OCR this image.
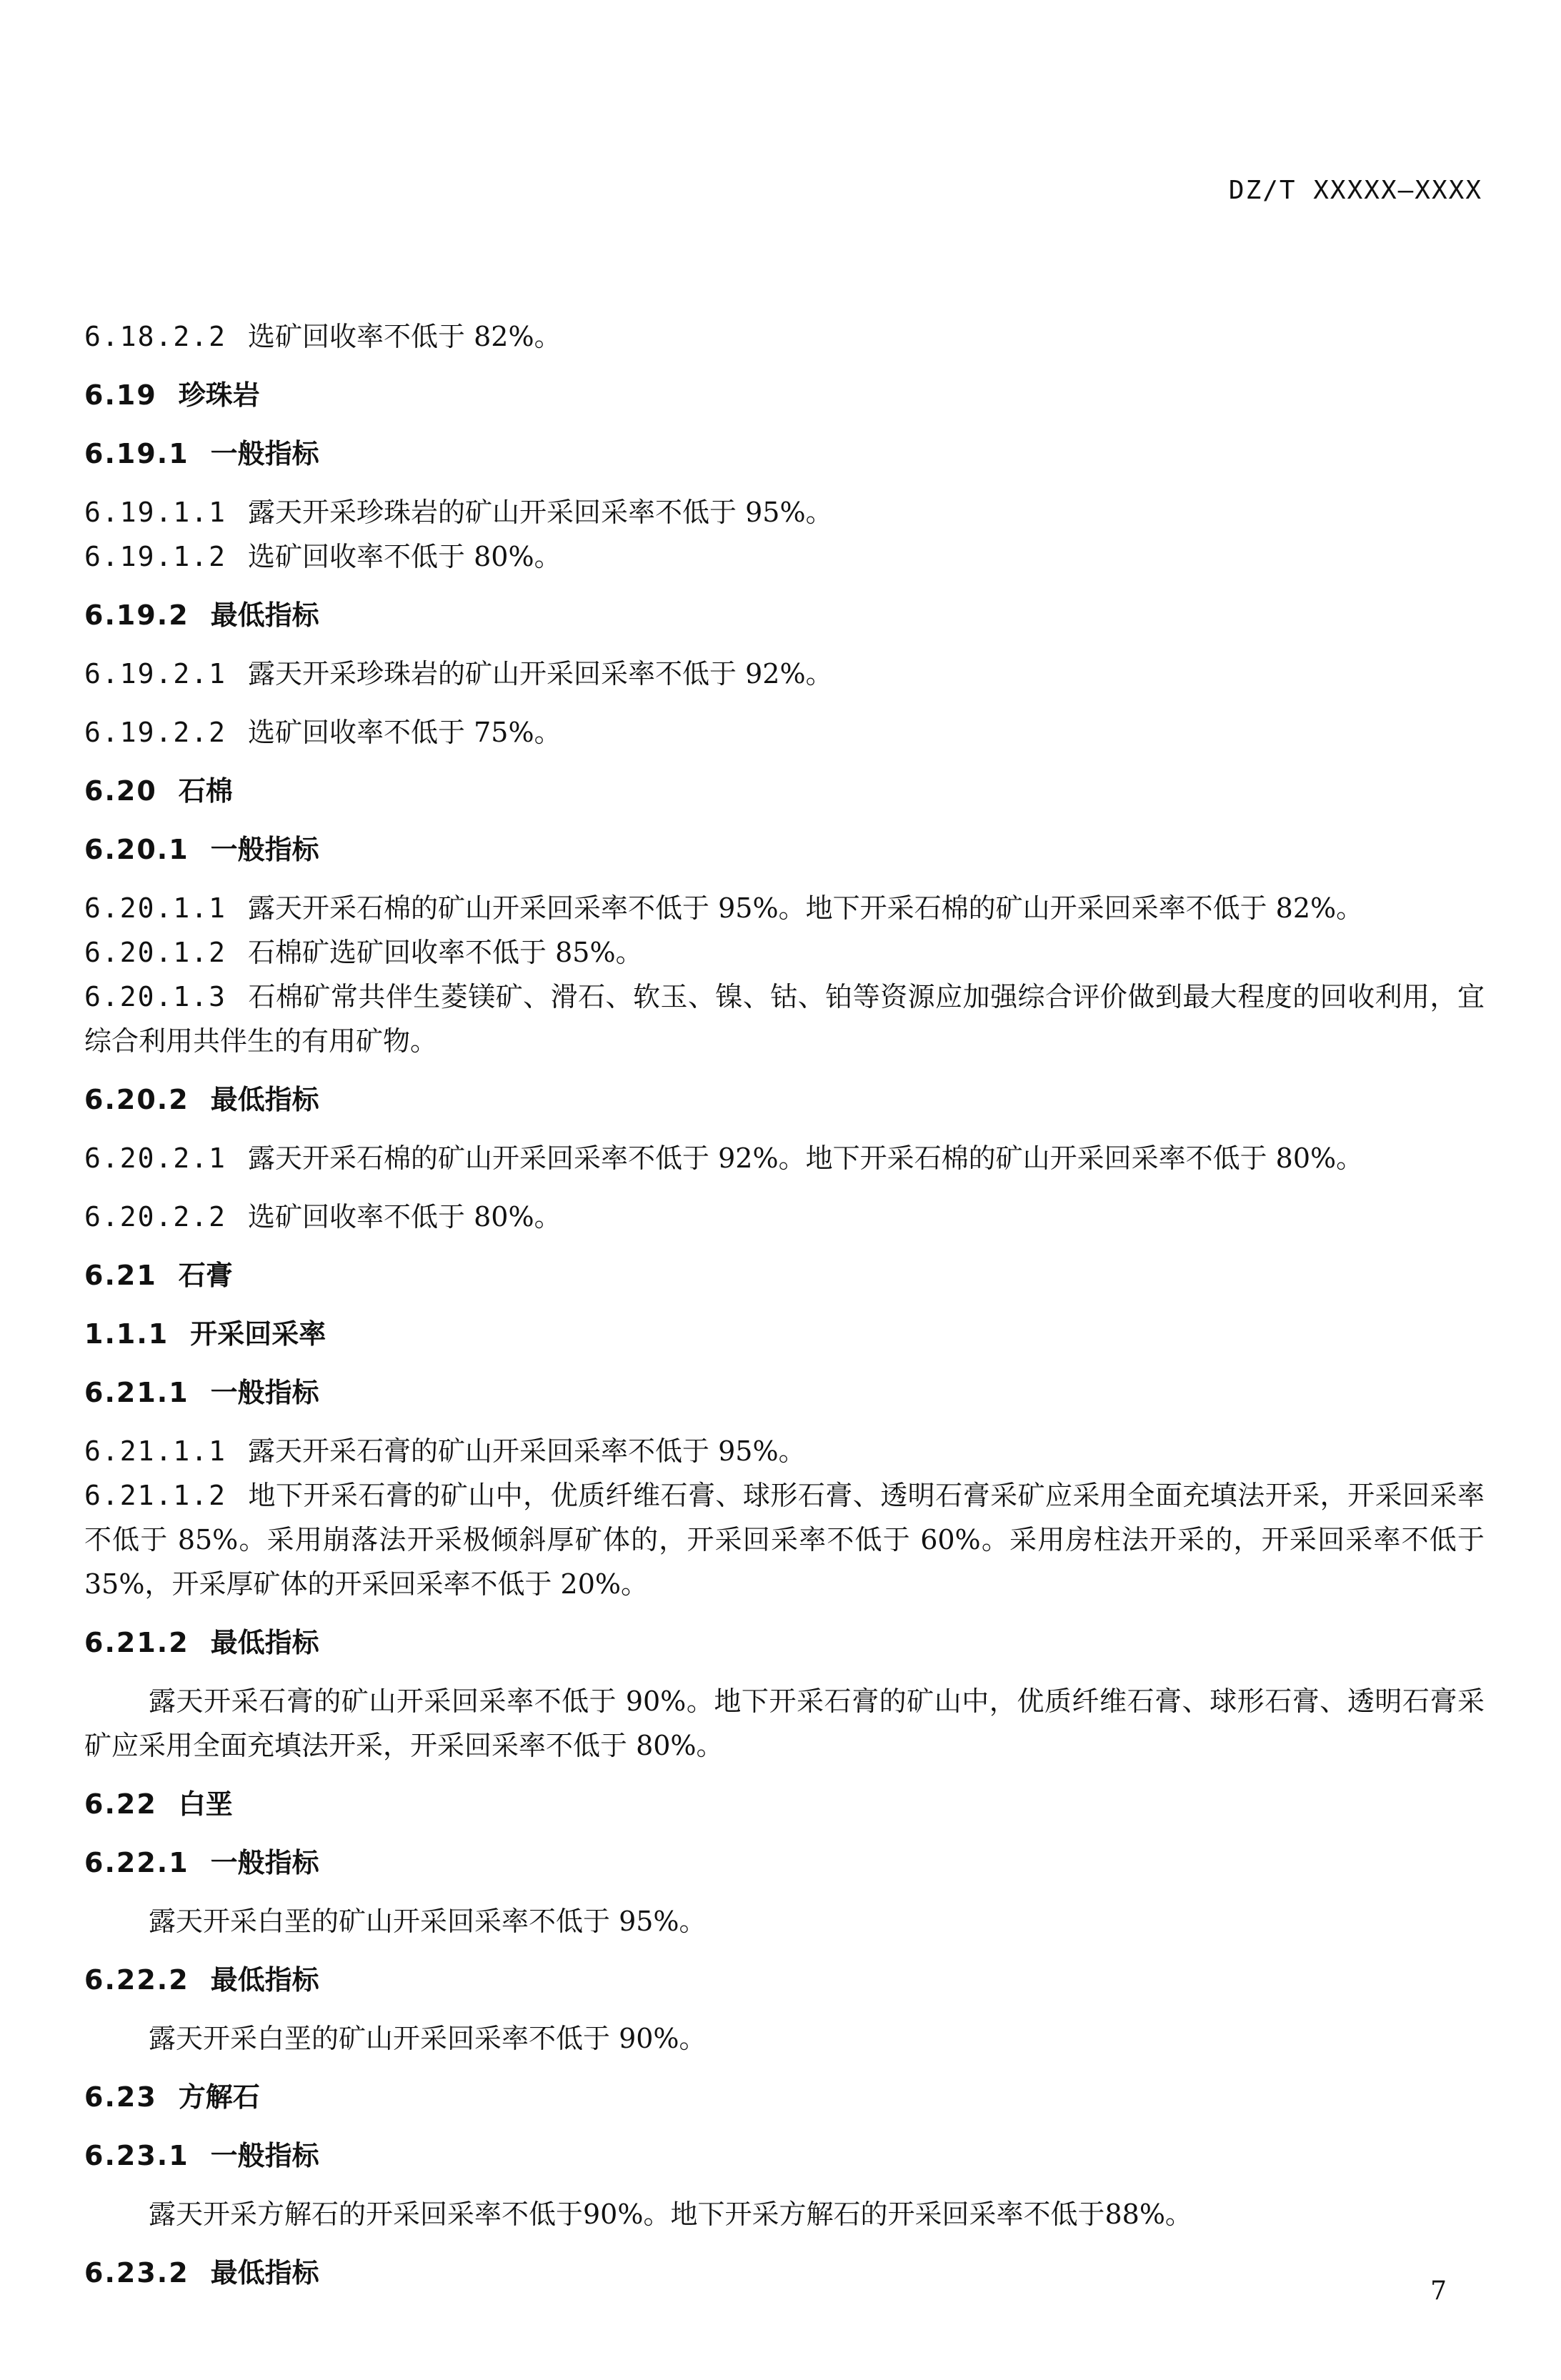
DZ/T XXXXX—XXXX
6.18.2.2 选矿回收率不低于 82%。
6.19 珍珠岩
6.19.1 一般指标
6.19.1.1 露天开采珍珠岩的矿山开采回采率不低于 95%。
6.19.1.2 选矿回收率不低于 80%。
6.19.2 最低指标
6.19.2.1 露天开采珍珠岩的矿山开采回采率不低于 92%。
6.19.2.2 选矿回收率不低于 75%。
6.20 石棉
6.20.1 一般指标
6.20.1.1 露天开采石棉的矿山开采回采率不低于 95%。地下开采石棉的矿山开采回采率不低于 82%。
6.20.1.2 石棉矿选矿回收率不低于 85%。
6.20.1.3 石棉矿常共伴生菱镁矿、滑石、软玉、镍、钴、铂等资源应加强综合评价做到最大程度的回收利用，宜综合利用共伴生的有用矿物。
6.20.2 最低指标
6.20.2.1 露天开采石棉的矿山开采回采率不低于 92%。地下开采石棉的矿山开采回采率不低于 80%。
6.20.2.2 选矿回收率不低于 80%。
6.21 石膏
1.1.1 开采回采率
6.21.1 一般指标
6.21.1.1 露天开采石膏的矿山开采回采率不低于 95%。
6.21.1.2 地下开采石膏的矿山中，优质纤维石膏、球形石膏、透明石膏采矿应采用全面充填法开采，开采回采率不低于 85%。采用崩落法开采极倾斜厚矿体的，开采回采率不低于 60%。采用房柱法开采的，开采回采率不低于 35%，开采厚矿体的开采回采率不低于 20%。
6.21.2 最低指标
露天开采石膏的矿山开采回采率不低于 90%。地下开采石膏的矿山中，优质纤维石膏、球形石膏、透明石膏采矿应采用全面充填法开采，开采回采率不低于 80%。
6.22 白垩
6.22.1 一般指标
露天开采白垩的矿山开采回采率不低于 95%。
6.22.2 最低指标
露天开采白垩的矿山开采回采率不低于 90%。
6.23 方解石
6.23.1 一般指标
露天开采方解石的开采回采率不低于90%。地下开采方解石的开采回采率不低于88%。
6.23.2 最低指标
7
